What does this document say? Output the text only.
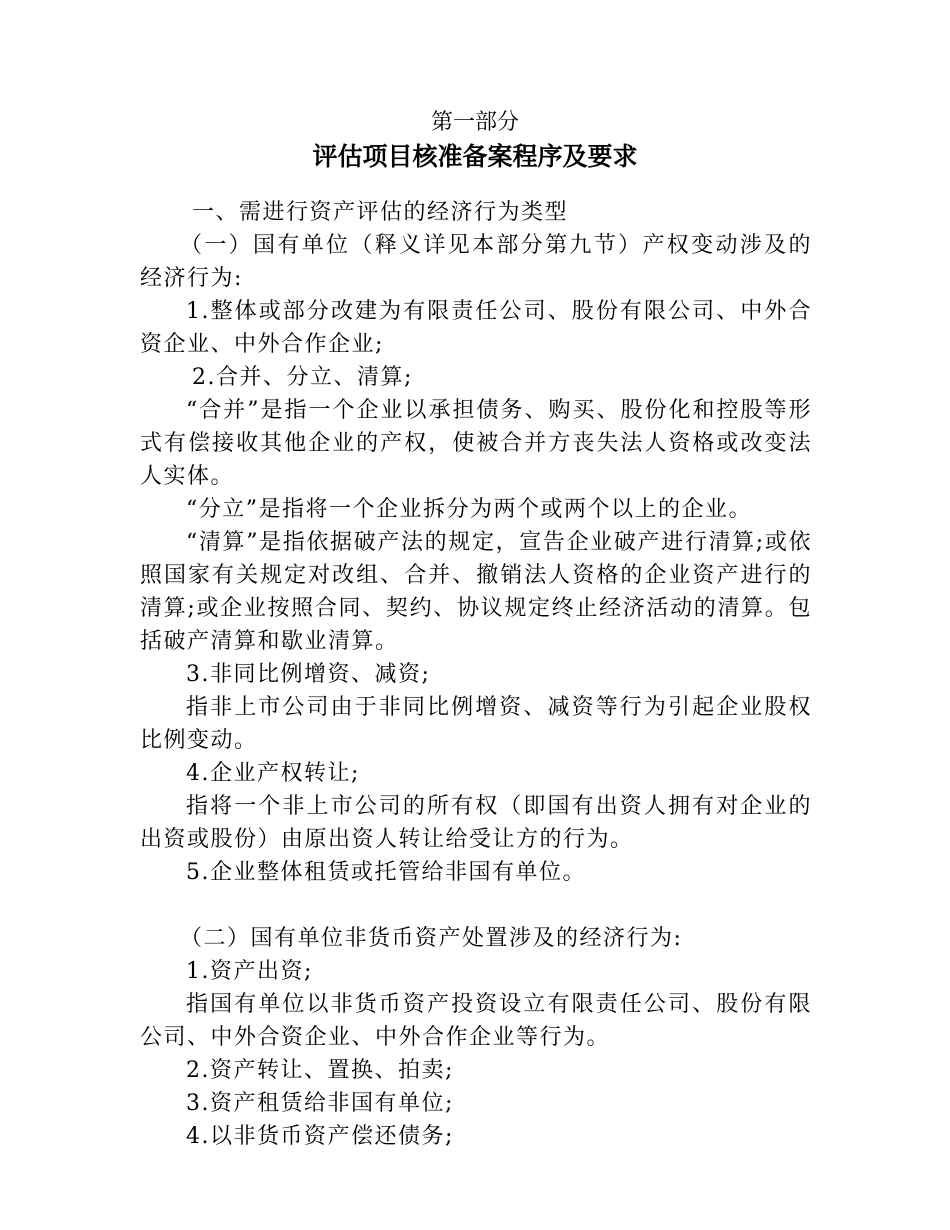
第一部分
评估项目核准备案程序及要求

一、需进行资产评估的经济行为类型

（一）国有单位（释义详见本部分第九节）产权变动涉及的经济行为:

1.整体或部分改建为有限责任公司、股份有限公司、中外合资企业、中外合作企业;

2.合并、分立、清算;

“合并”是指一个企业以承担债务、购买、股份化和控股等形式有偿接收其他企业的产权，使被合并方丧失法人资格或改变法人实体。

“分立”是指将一个企业拆分为两个或两个以上的企业。

“清算”是指依据破产法的规定，宣告企业破产进行清算;或依照国家有关规定对改组、合并、撤销法人资格的企业资产进行的清算;或企业按照合同、契约、协议规定终止经济活动的清算。包括破产清算和歇业清算。

3.非同比例增资、减资;

指非上市公司由于非同比例增资、减资等行为引起企业股权比例变动。

4.企业产权转让;

指将一个非上市公司的所有权（即国有出资人拥有对企业的出资或股份）由原出资人转让给受让方的行为。

5.企业整体租赁或托管给非国有单位。

（二）国有单位非货币资产处置涉及的经济行为:

1.资产出资;

指国有单位以非货币资产投资设立有限责任公司、股份有限公司、中外合资企业、中外合作企业等行为。

2.资产转让、置换、拍卖;

3.资产租赁给非国有单位;

4.以非货币资产偿还债务;
